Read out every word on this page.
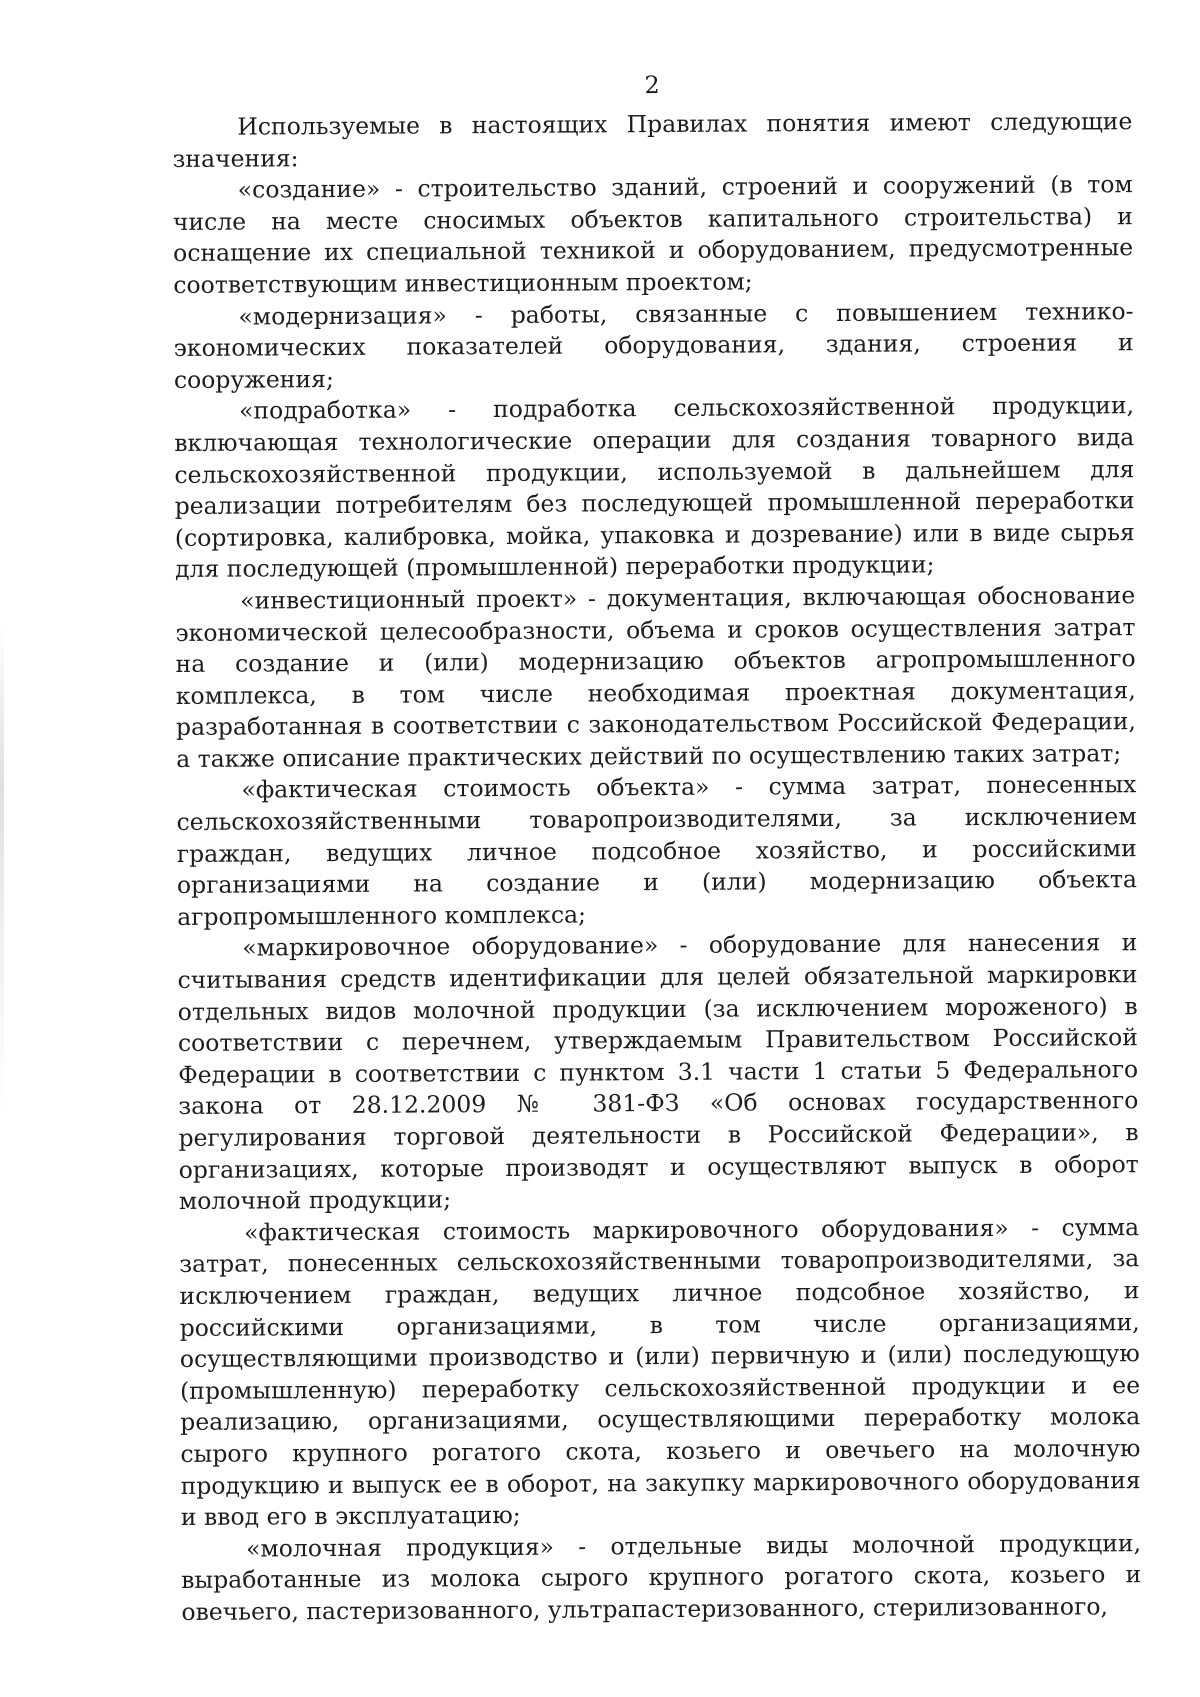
2

Используемые в настоящих Правилах понятия имеют следующие значения:

«создание» - строительство зданий, строений и сооружений (в том числе на месте сносимых объектов капитального строительства) и оснащение их специальной техникой и оборудованием, предусмотренные соответствующим инвестиционным проектом;

«модернизация» - работы, связанные с повышением технико-экономических показателей оборудования, здания, строения и сооружения;

«подработка» - подработка сельскохозяйственной продукции, включающая технологические операции для создания товарного вида сельскохозяйственной продукции, используемой в дальнейшем для реализации потребителям без последующей промышленной переработки (сортировка, калибровка, мойка, упаковка и дозревание) или в виде сырья для последующей (промышленной) переработки продукции;

«инвестиционный проект» - документация, включающая обоснование экономической целесообразности, объема и сроков осуществления затрат на создание и (или) модернизацию объектов агропромышленного комплекса, в том числе необходимая проектная документация, разработанная в соответствии с законодательством Российской Федерации, а также описание практических действий по осуществлению таких затрат;

«фактическая стоимость объекта» - сумма затрат, понесенных сельскохозяйственными товаропроизводителями, за исключением граждан, ведущих личное подсобное хозяйство, и российскими организациями на создание и (или) модернизацию объекта агропромышленного комплекса;

«маркировочное оборудование» - оборудование для нанесения и считывания средств идентификации для целей обязательной маркировки отдельных видов молочной продукции (за исключением мороженого) в соответствии с перечнем, утверждаемым Правительством Российской Федерации в соответствии с пунктом 3.1 части 1 статьи 5 Федерального закона от 28.12.2009 № 381-ФЗ «Об основах государственного регулирования торговой деятельности в Российской Федерации», в организациях, которые производят и осуществляют выпуск в оборот молочной продукции;

«фактическая стоимость маркировочного оборудования» - сумма затрат, понесенных сельскохозяйственными товаропроизводителями, за исключением граждан, ведущих личное подсобное хозяйство, и российскими организациями, в том числе организациями, осуществляющими производство и (или) первичную и (или) последующую (промышленную) переработку сельскохозяйственной продукции и ее реализацию, организациями, осуществляющими переработку молока сырого крупного рогатого скота, козьего и овечьего на молочную продукцию и выпуск ее в оборот, на закупку маркировочного оборудования и ввод его в эксплуатацию;

«молочная продукция» - отдельные виды молочной продукции, выработанные из молока сырого крупного рогатого скота, козьего и овечьего, пастеризованного, ультрапастеризованного, стерилизованного,
